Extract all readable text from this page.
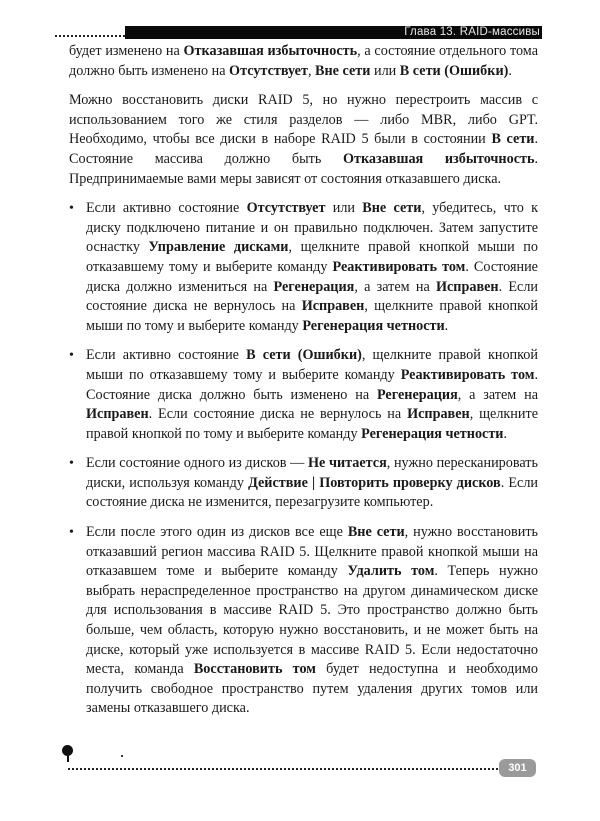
Глава 13. RAID-массивы

будет изменено на Отказавшая избыточность, а состояние отдельного тома должно быть изменено на Отсутствует, Вне сети или В сети (Ошибки).

Можно восстановить диски RAID 5, но нужно перестроить массив с использованием того же стиля разделов — либо MBR, либо GPT. Необходимо, чтобы все диски в наборе RAID 5 были в состоянии В сети. Состояние массива должно быть Отказавшая избыточность. Предпринимаемые вами меры зависят от состояния отказавшего диска.

• Если активно состояние Отсутствует или Вне сети, убедитесь, что к диску подключено питание и он правильно подключен. Затем запустите оснастку Управление дисками, щелкните правой кнопкой мыши по отказавшему тому и выберите команду Реактивировать том. Состояние диска должно измениться на Регенерация, а затем на Исправен. Если состояние диска не вернулось на Исправен, щелкните правой кнопкой мыши по тому и выберите команду Регенерация четности.
• Если активно состояние В сети (Ошибки), щелкните правой кнопкой мыши по отказавшему тому и выберите команду Реактивировать том. Состояние диска должно быть изменено на Регенерация, а затем на Исправен. Если состояние диска не вернулось на Исправен, щелкните правой кнопкой по тому и выберите команду Регенерация четности.
• Если состояние одного из дисков — Не читается, нужно пересканировать диски, используя команду Действие | Повторить проверку дисков. Если состояние диска не изменится, перезагрузите компьютер.
• Если после этого один из дисков все еще Вне сети, нужно восстановить отказавший регион массива RAID 5. Щелкните правой кнопкой мыши на отказавшем томе и выберите команду Удалить том. Теперь нужно выбрать нераспределенное пространство на другом динамическом диске для использования в массиве RAID 5. Это пространство должно быть больше, чем область, которую нужно восстановить, и не может быть на диске, который уже используется в массиве RAID 5. Если недостаточно места, команда Восстановить том будет недоступна и необходимо получить свободное пространство путем удаления других томов или замены отказавшего диска.
301
